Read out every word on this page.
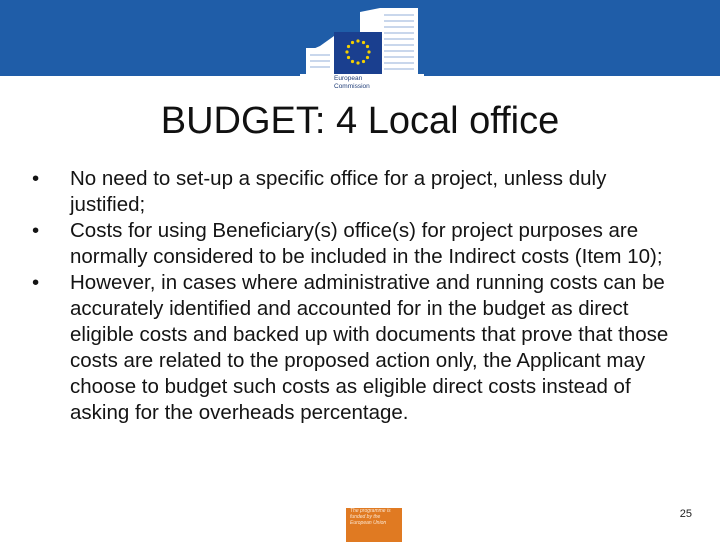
European
Commission
BUDGET: 4 Local office
•	No need to set-up a specific office for a project, unless duly justified;
•	Costs for using Beneficiary(s) office(s) for project purposes are normally considered to be included in the Indirect costs (Item 10);
•	However, in cases where administrative and running costs can be accurately identified and accounted for in the budget as direct eligible costs and backed up with documents that prove that those costs are related to the proposed action only, the Applicant may choose to budget such costs as eligible direct costs instead of asking for the overheads percentage.
The programme is
funded by the
European Union
25
